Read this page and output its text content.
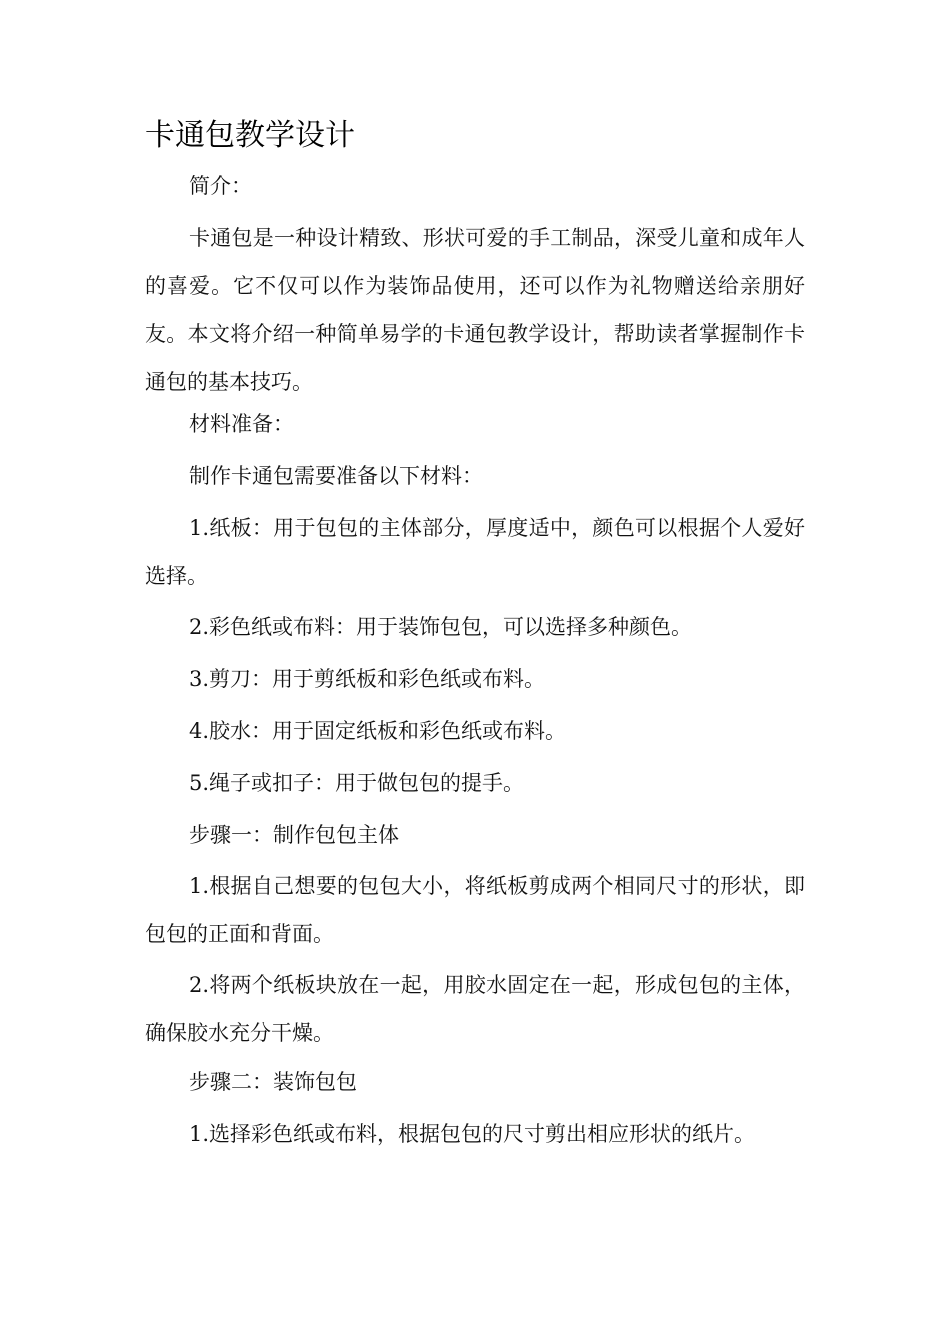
卡通包教学设计

简介：

卡通包是一种设计精致、形状可爱的手工制品，深受儿童和成年人的喜爱。它不仅可以作为装饰品使用，还可以作为礼物赠送给亲朋好友。本文将介绍一种简单易学的卡通包教学设计，帮助读者掌握制作卡通包的基本技巧。

材料准备：

制作卡通包需要准备以下材料：

1.纸板：用于包包的主体部分，厚度适中，颜色可以根据个人爱好选择。

2.彩色纸或布料：用于装饰包包，可以选择多种颜色。

3.剪刀：用于剪纸板和彩色纸或布料。

4.胶水：用于固定纸板和彩色纸或布料。

5.绳子或扣子：用于做包包的提手。

步骤一：制作包包主体

1.根据自己想要的包包大小，将纸板剪成两个相同尺寸的形状，即包包的正面和背面。

2.将两个纸板块放在一起，用胶水固定在一起，形成包包的主体，确保胶水充分干燥。

步骤二：装饰包包

1.选择彩色纸或布料，根据包包的尺寸剪出相应形状的纸片。
